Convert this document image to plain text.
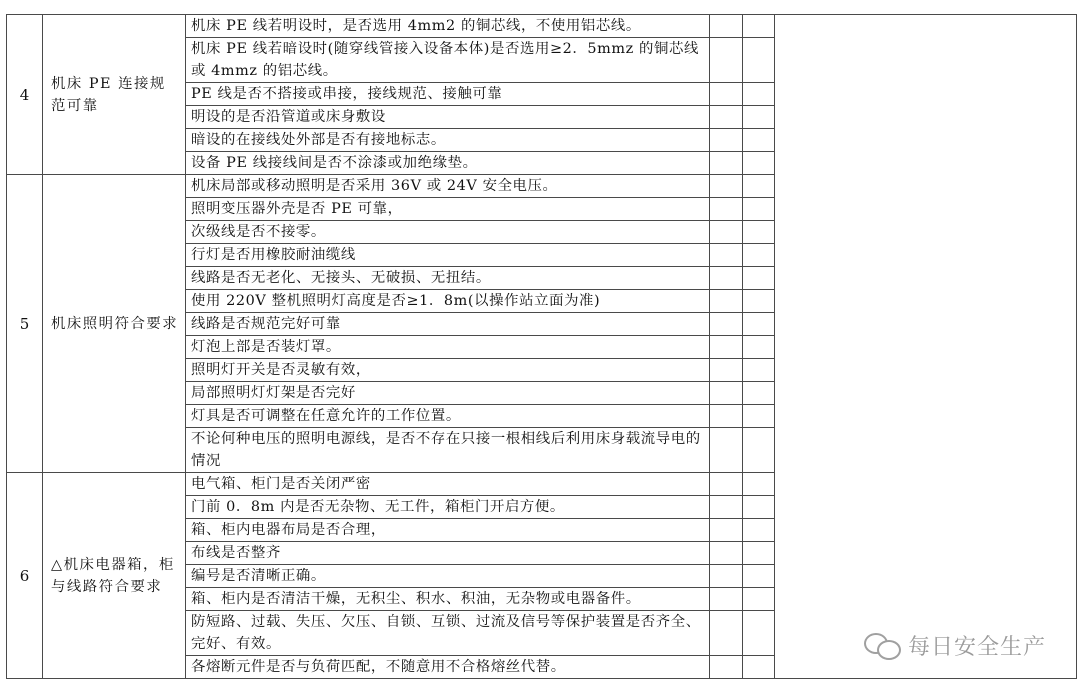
4	机床 PE 连接规范可靠	机床 PE 线若明设时，是否选用 4mm2 的铜芯线，不使用铝芯线。			
		机床 PE 线若暗设时(随穿线管接入设备本体)是否选用≥2．5mmz 的铜芯线或 4mmz 的铝芯线。			
		PE 线是否不搭接或串接，接线规范、接触可靠			
		明设的是否沿管道或床身敷设			
		暗设的在接线处外部是否有接地标志。			
		设备 PE 线接线间是否不涂漆或加绝缘垫。			
5	机床照明符合要求	机床局部或移动照明是否采用 36V 或 24V 安全电压。			
		照明变压器外壳是否 PE 可靠，			
		次级线是否不接零。			
		行灯是否用橡胶耐油缆线			
		线路是否无老化、无接头、无破损、无扭结。			
		使用 220V 整机照明灯高度是否≥1．8m(以操作站立面为准)			
		线路是否规范完好可靠			
		灯泡上部是否装灯罩。			
		照明灯开关是否灵敏有效，			
		局部照明灯灯架是否完好			
		灯具是否可调整在任意允许的工作位置。			
		不论何种电压的照明电源线，是否不存在只接一根相线后利用床身载流导电的情况			
6	△机床电器箱，柜与线路符合要求	电气箱、柜门是否关闭严密			
		门前 0．8m 内是否无杂物、无工件，箱柜门开启方便。			
		箱、柜内电器布局是否合理，			
		布线是否整齐			
		编号是否清晰正确。			
		箱、柜内是否清洁干燥，无积尘、积水、积油，无杂物或电器备件。			
		防短路、过载、失压、欠压、自锁、互锁、过流及信号等保护装置是否齐全、完好、有效。			
		各熔断元件是否与负荷匹配，不随意用不合格熔丝代替。			
每日安全生产
